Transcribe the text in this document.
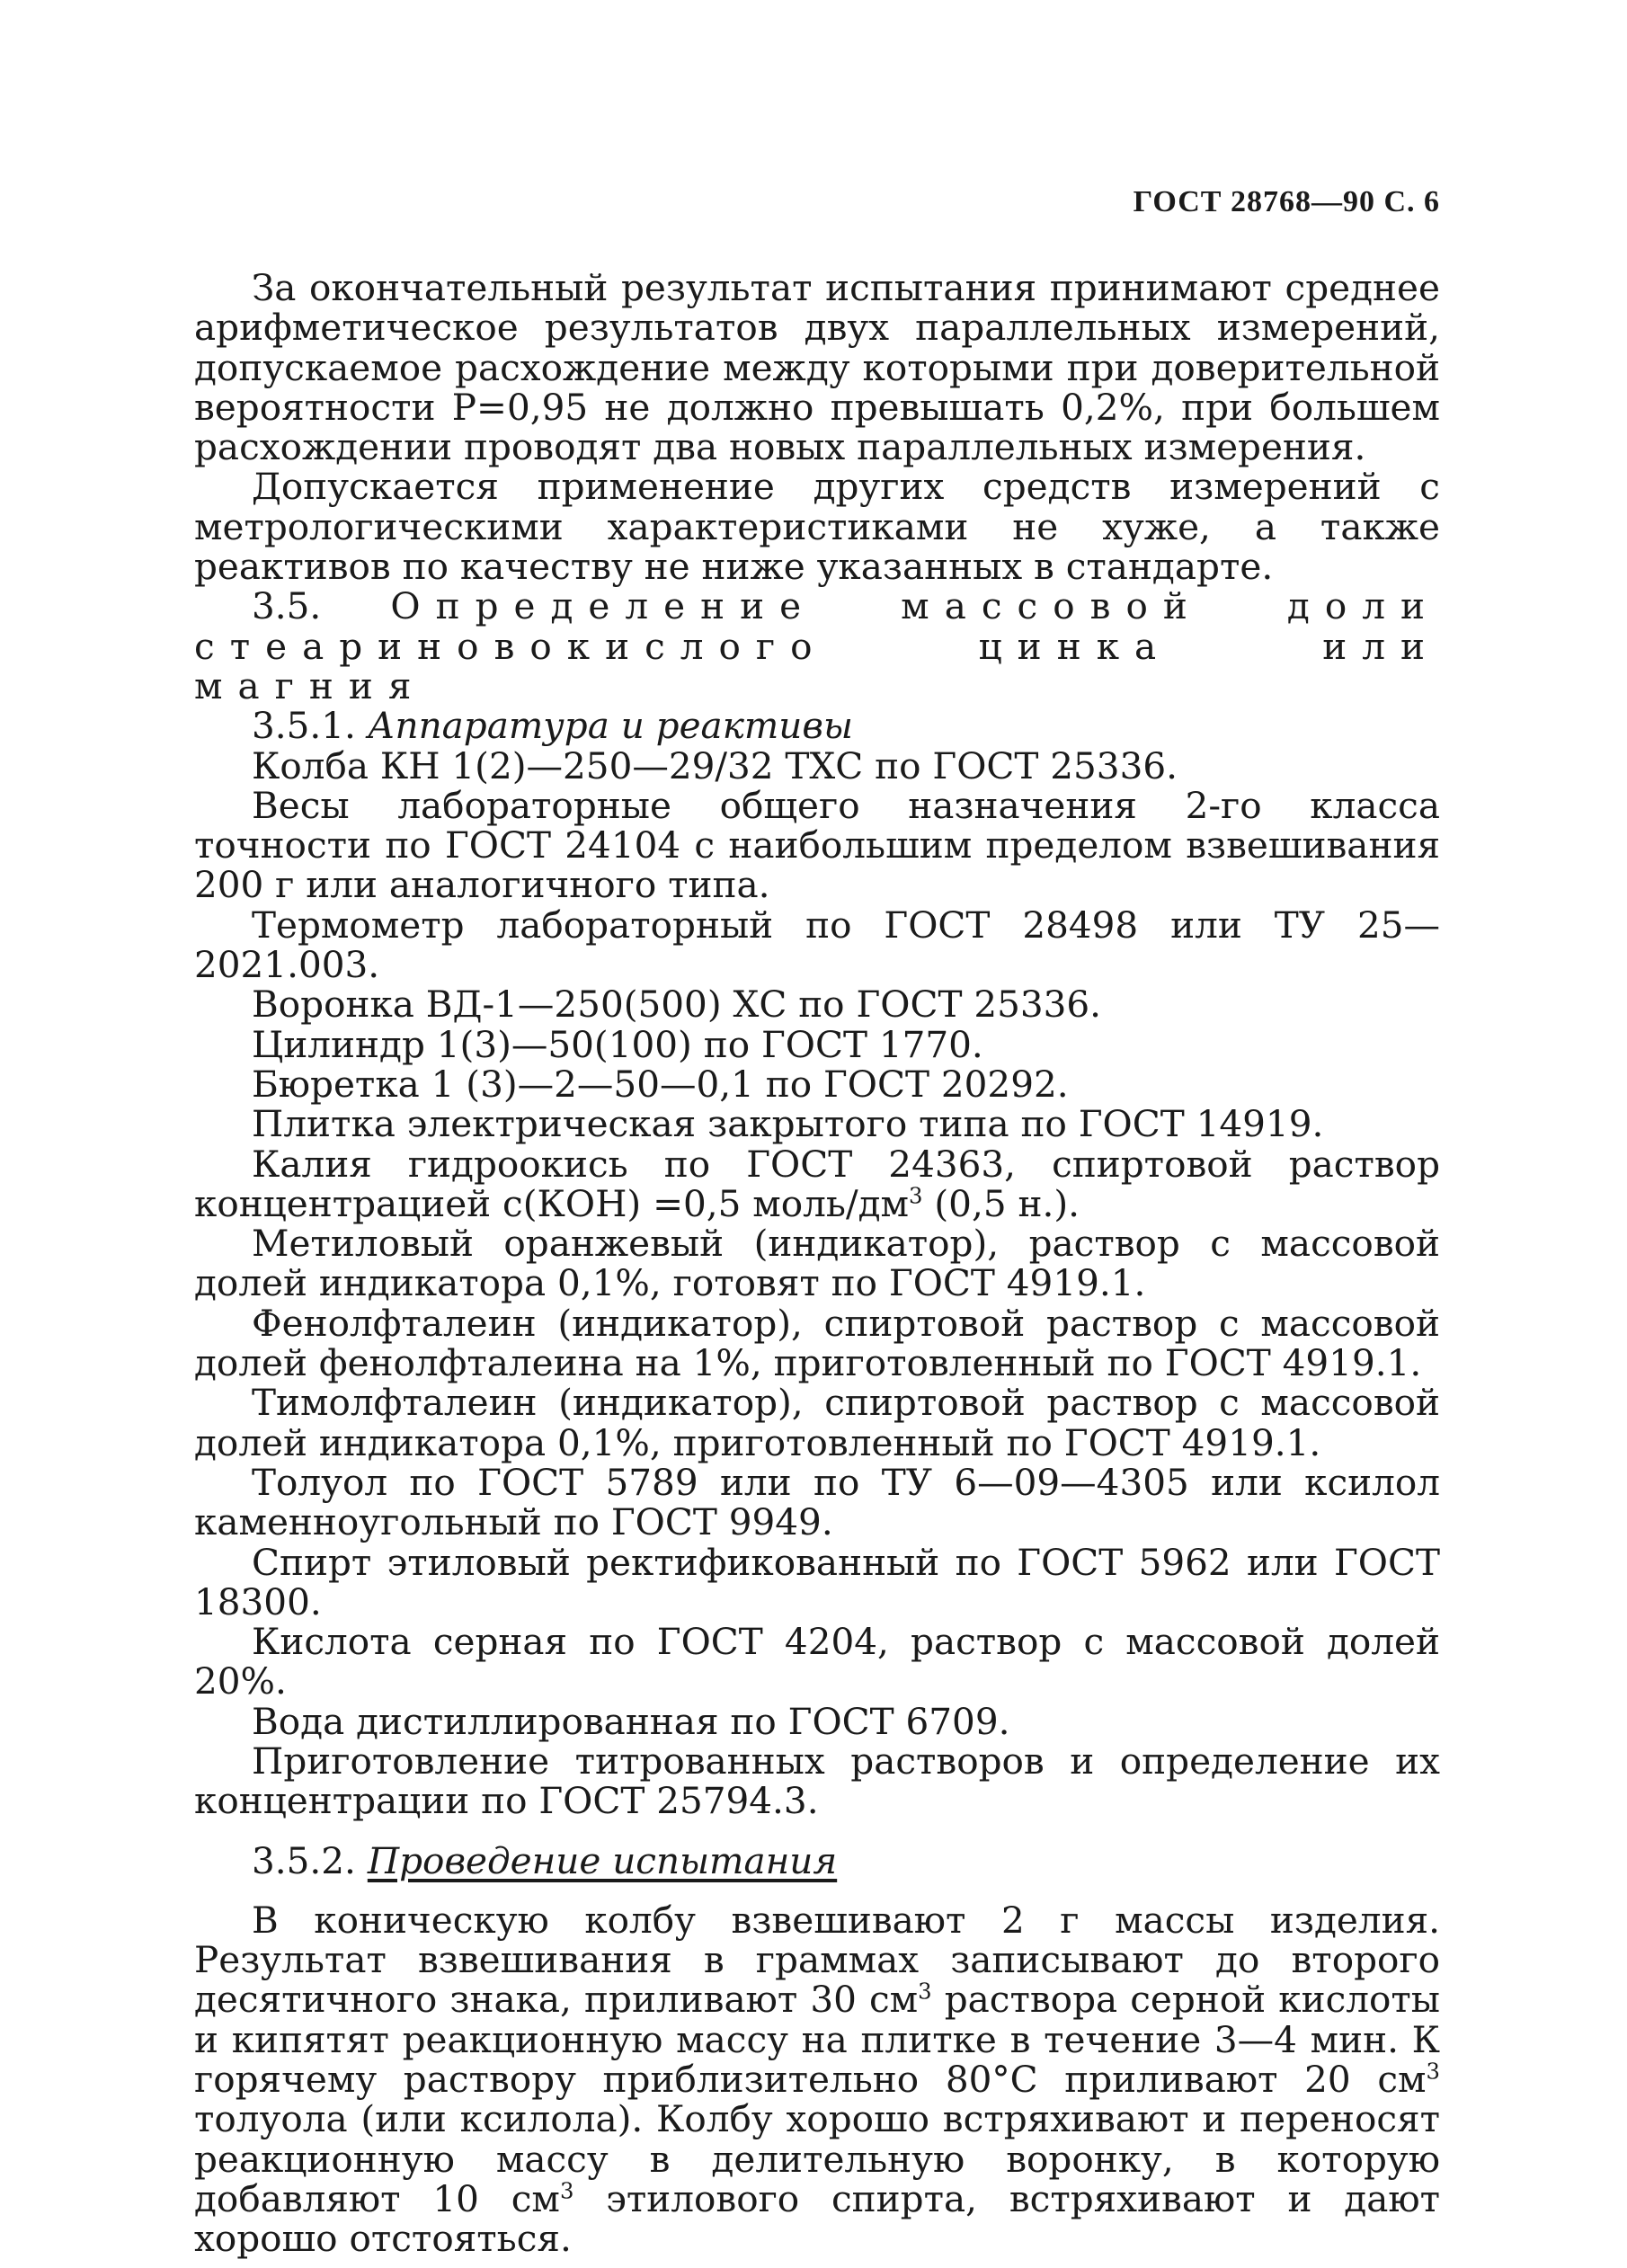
ГОСТ 28768—90 С. 6

За окончательный результат испытания принимают среднее арифметическое результатов двух параллельных измерений, допускаемое расхождение между которыми при доверительной вероятности P=0,95 не должно превышать 0,2%, при большем расхождении проводят два новых параллельных измерения.

Допускается применение других средств измерений с метрологическими характеристиками не хуже, а также реактивов по качеству не ниже указанных в стандарте.

3.5. Определение массовой доли стеариновокислого цинка или магния

3.5.1. Аппаратура и реактивы

Колба КН 1(2)—250—29/32 ТХС по ГОСТ 25336.

Весы лабораторные общего назначения 2-го класса точности по ГОСТ 24104 с наибольшим пределом взвешивания 200 г или аналогичного типа.

Термометр лабораторный по ГОСТ 28498 или ТУ 25—2021.003.

Воронка ВД-1—250(500) ХС по ГОСТ 25336.

Цилиндр 1(3)—50(100) по ГОСТ 1770.

Бюретка 1 (3)—2—50—0,1 по ГОСТ 20292.

Плитка электрическая закрытого типа по ГОСТ 14919.

Калия гидроокись по ГОСТ 24363, спиртовой раствор концентрацией c(КОН) =0,5 моль/$дм^3$ (0,5 н.).

Метиловый оранжевый (индикатор), раствор с массовой долей индикатора 0,1%, готовят по ГОСТ 4919.1.

Фенолфталеин (индикатор), спиртовой раствор с массовой долей фенолфталеина на 1%, приготовленный по ГОСТ 4919.1.

Тимолфталеин (индикатор), спиртовой раствор с массовой долей индикатора 0,1%, приготовленный по ГОСТ 4919.1.

Толуол по ГОСТ 5789 или по ТУ 6—09—4305 или ксилол каменноугольный по ГОСТ 9949.

Спирт этиловый ректификованный по ГОСТ 5962 или ГОСТ 18300.

Кислота серная по ГОСТ 4204, раствор с массовой долей 20%.

Вода дистиллированная по ГОСТ 6709.

Приготовление титрованных растворов и определение их концентрации по ГОСТ 25794.3.

3.5.2. Проведение испытания

В коническую колбу взвешивают 2 г массы изделия. Результат взвешивания в граммах записывают до второго десятичного знака, приливают 30 $см^3$ раствора серной кислоты и кипятят реакционную массу на плитке в течение 3—4 мин. К горячему раствору приблизительно 80°С приливают 20 $см^3$ толуола (или ксилола). Колбу хорошо встряхивают и переносят реакционную массу в делительную воронку, в которую добавляют 10 $см^3$ этилового спирта, встряхивают и дают хорошо отстояться.
